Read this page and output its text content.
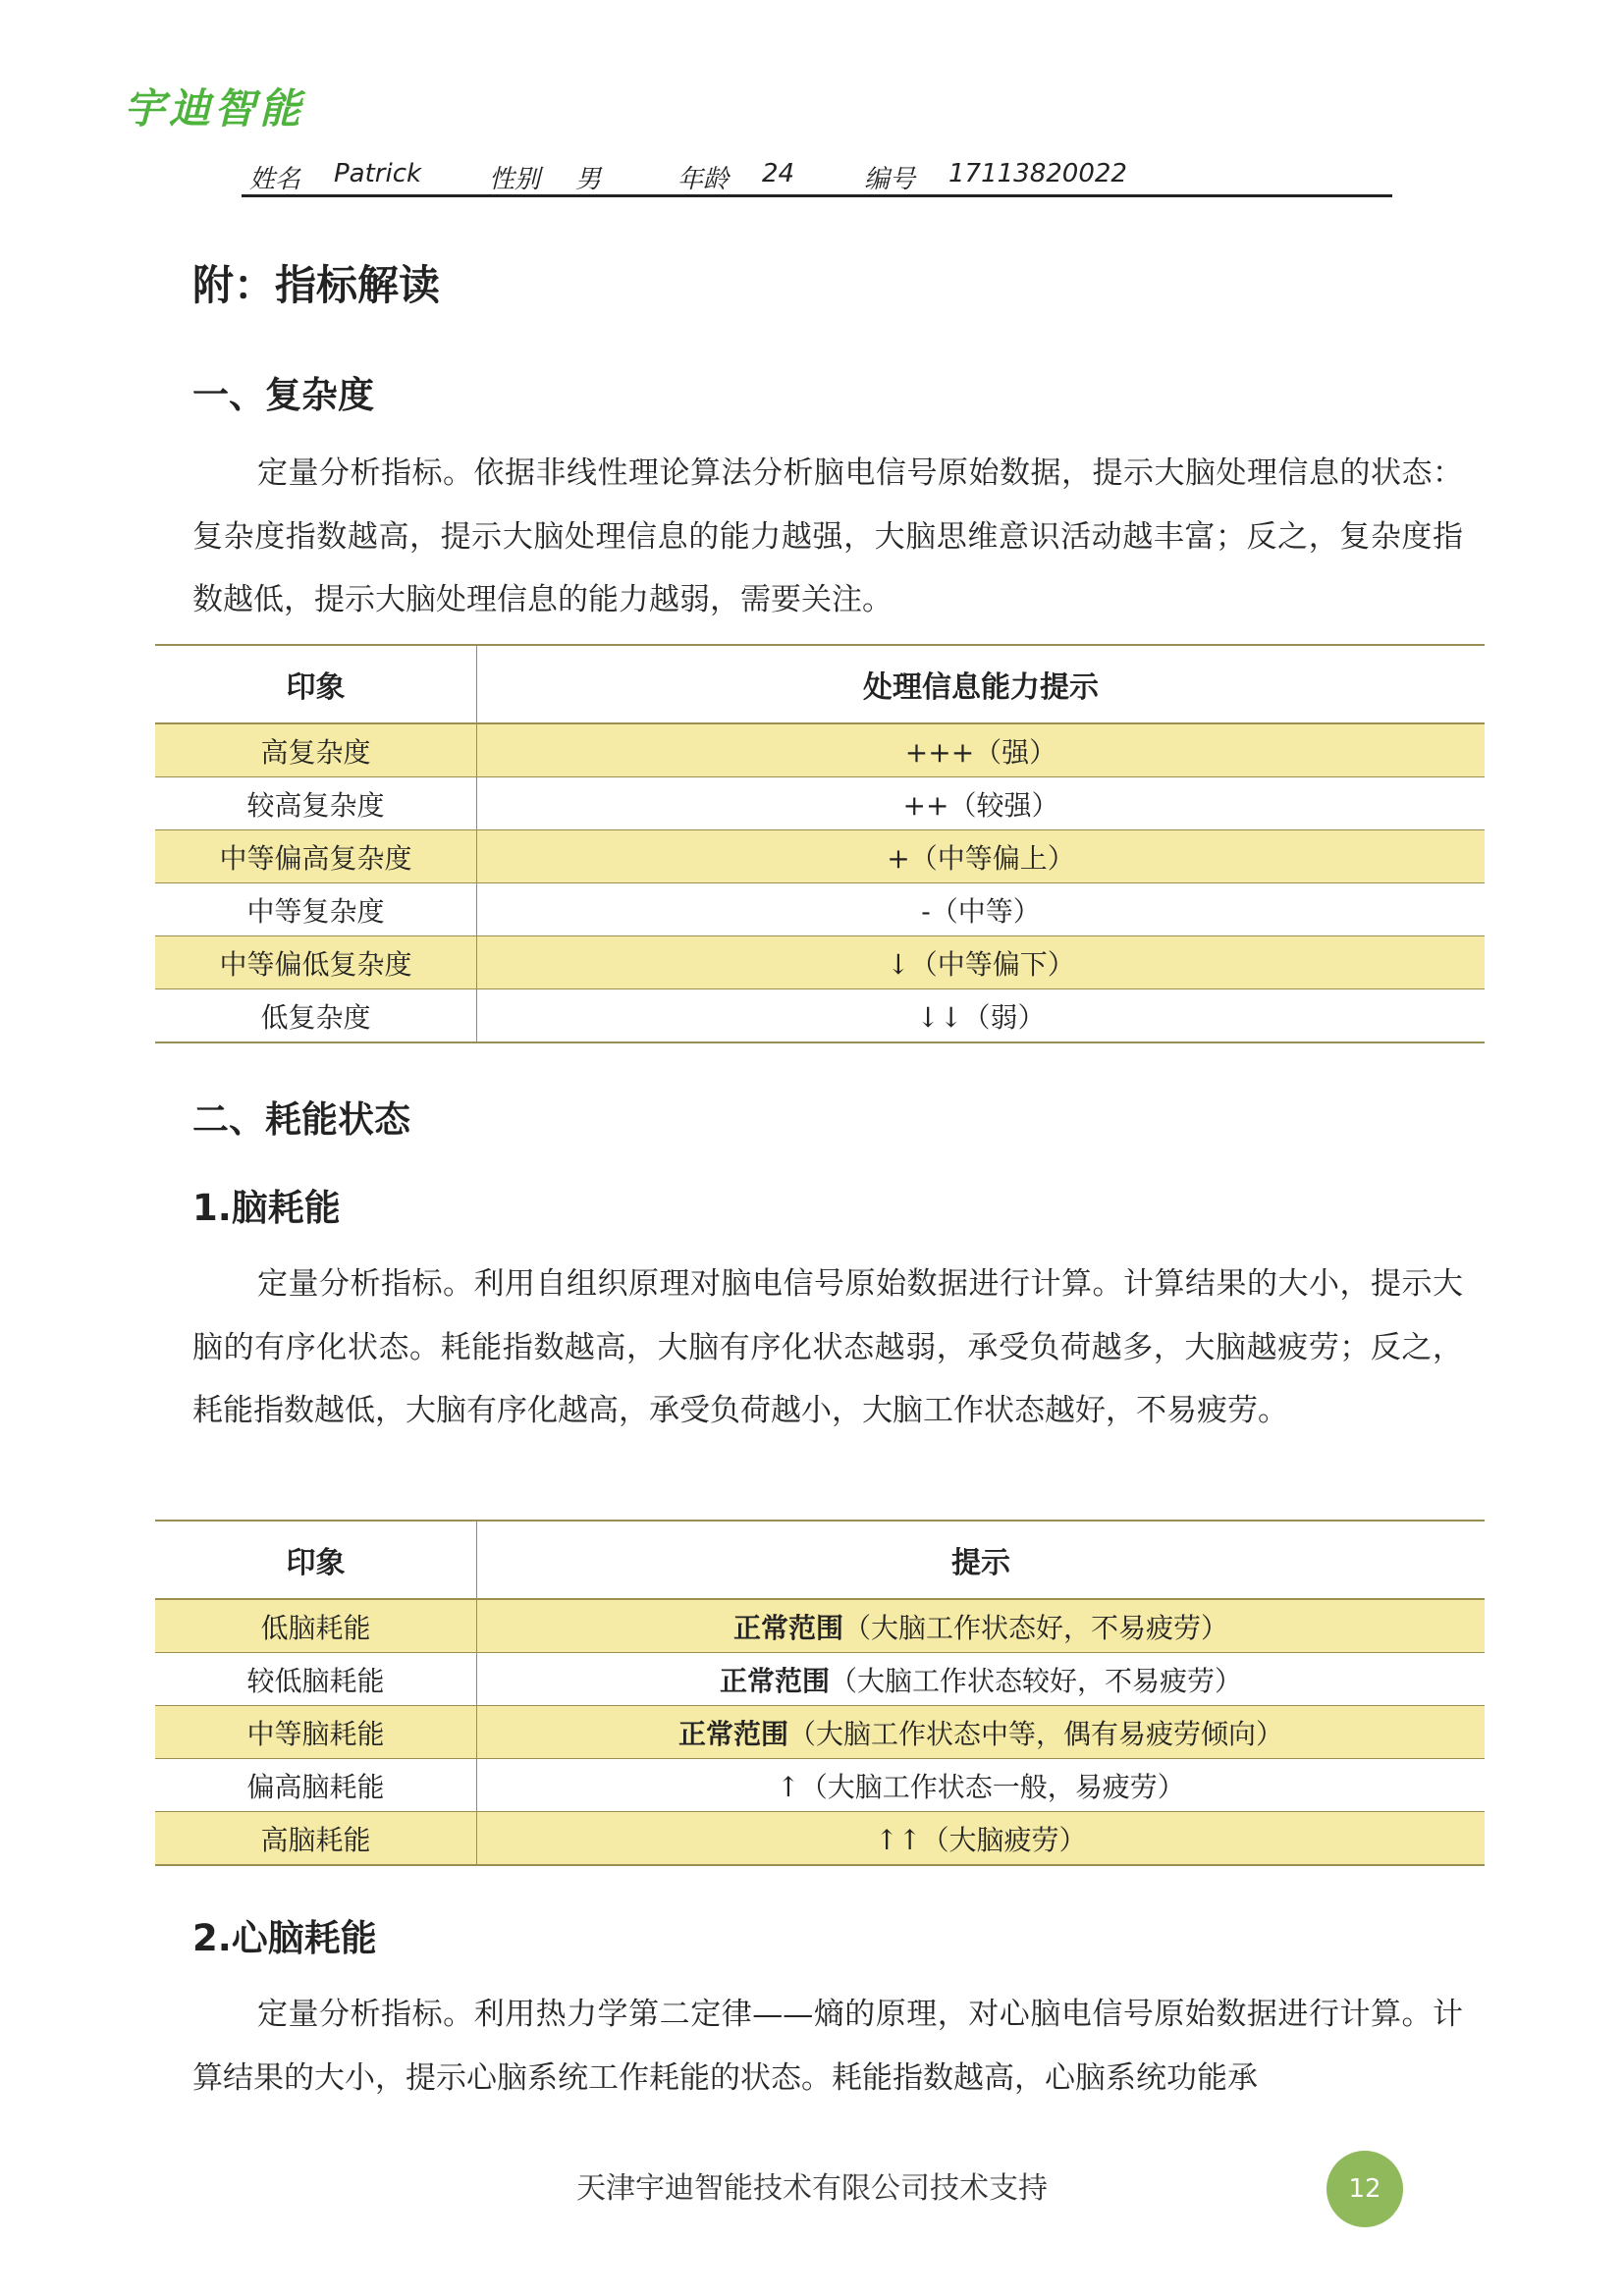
宇迪智能
姓名 Patrick	性别 男	年龄 24	编号 17113820022
附：指标解读
一、复杂度
定量分析指标。依据非线性理论算法分析脑电信号原始数据，提示大脑处理信息的状态：复杂度指数越高，提示大脑处理信息的能力越强，大脑思维意识活动越丰富；反之，复杂度指数越低，提示大脑处理信息的能力越弱，需要关注。
印象	处理信息能力提示
高复杂度	+++（强）
较高复杂度	++（较强）
中等偏高复杂度	+（中等偏上）
中等复杂度	-（中等）
中等偏低复杂度	↓（中等偏下）
低复杂度	↓↓（弱）
二、耗能状态
1.脑耗能
定量分析指标。利用自组织原理对脑电信号原始数据进行计算。计算结果的大小，提示大脑的有序化状态。耗能指数越高，大脑有序化状态越弱，承受负荷越多，大脑越疲劳；反之，耗能指数越低，大脑有序化越高，承受负荷越小，大脑工作状态越好，不易疲劳。
印象	提示
低脑耗能	正常范围（大脑工作状态好，不易疲劳）
较低脑耗能	正常范围（大脑工作状态较好，不易疲劳）
中等脑耗能	正常范围（大脑工作状态中等，偶有易疲劳倾向）
偏高脑耗能	↑（大脑工作状态一般，易疲劳）
高脑耗能	↑↑（大脑疲劳）
2.心脑耗能
定量分析指标。利用热力学第二定律——熵的原理，对心脑电信号原始数据进行计算。计算结果的大小，提示心脑系统工作耗能的状态。耗能指数越高，心脑系统功能承
天津宇迪智能技术有限公司技术支持	12
